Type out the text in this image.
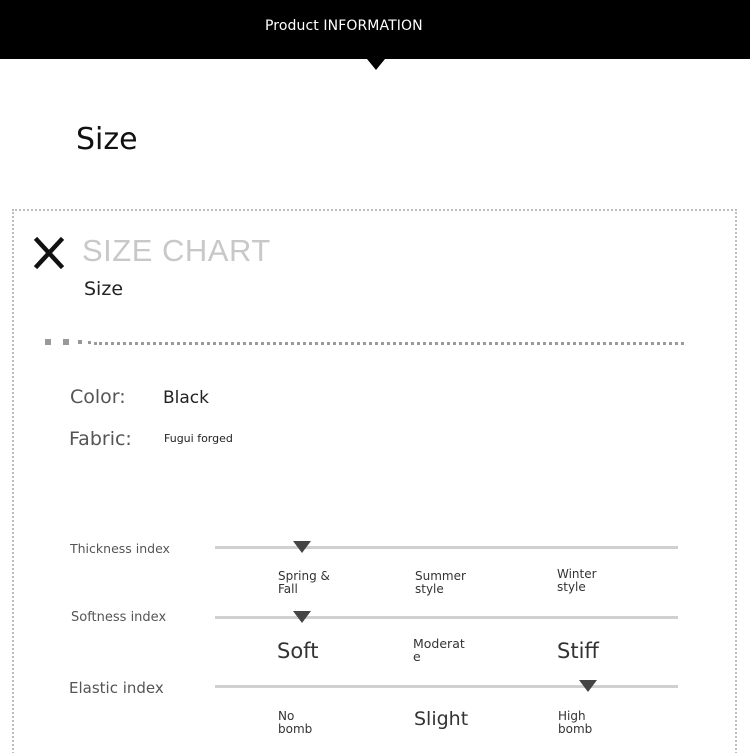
Product INFORMATION
Size
SIZE CHART
Size
Color: Black
Fabric:	Fugui forged
Thickness index
Spring & Fall
Summer style
Winter style
Softness index
Soft	Moderate	Stiff
Elastic index
No bomb	Slight	High bomb
